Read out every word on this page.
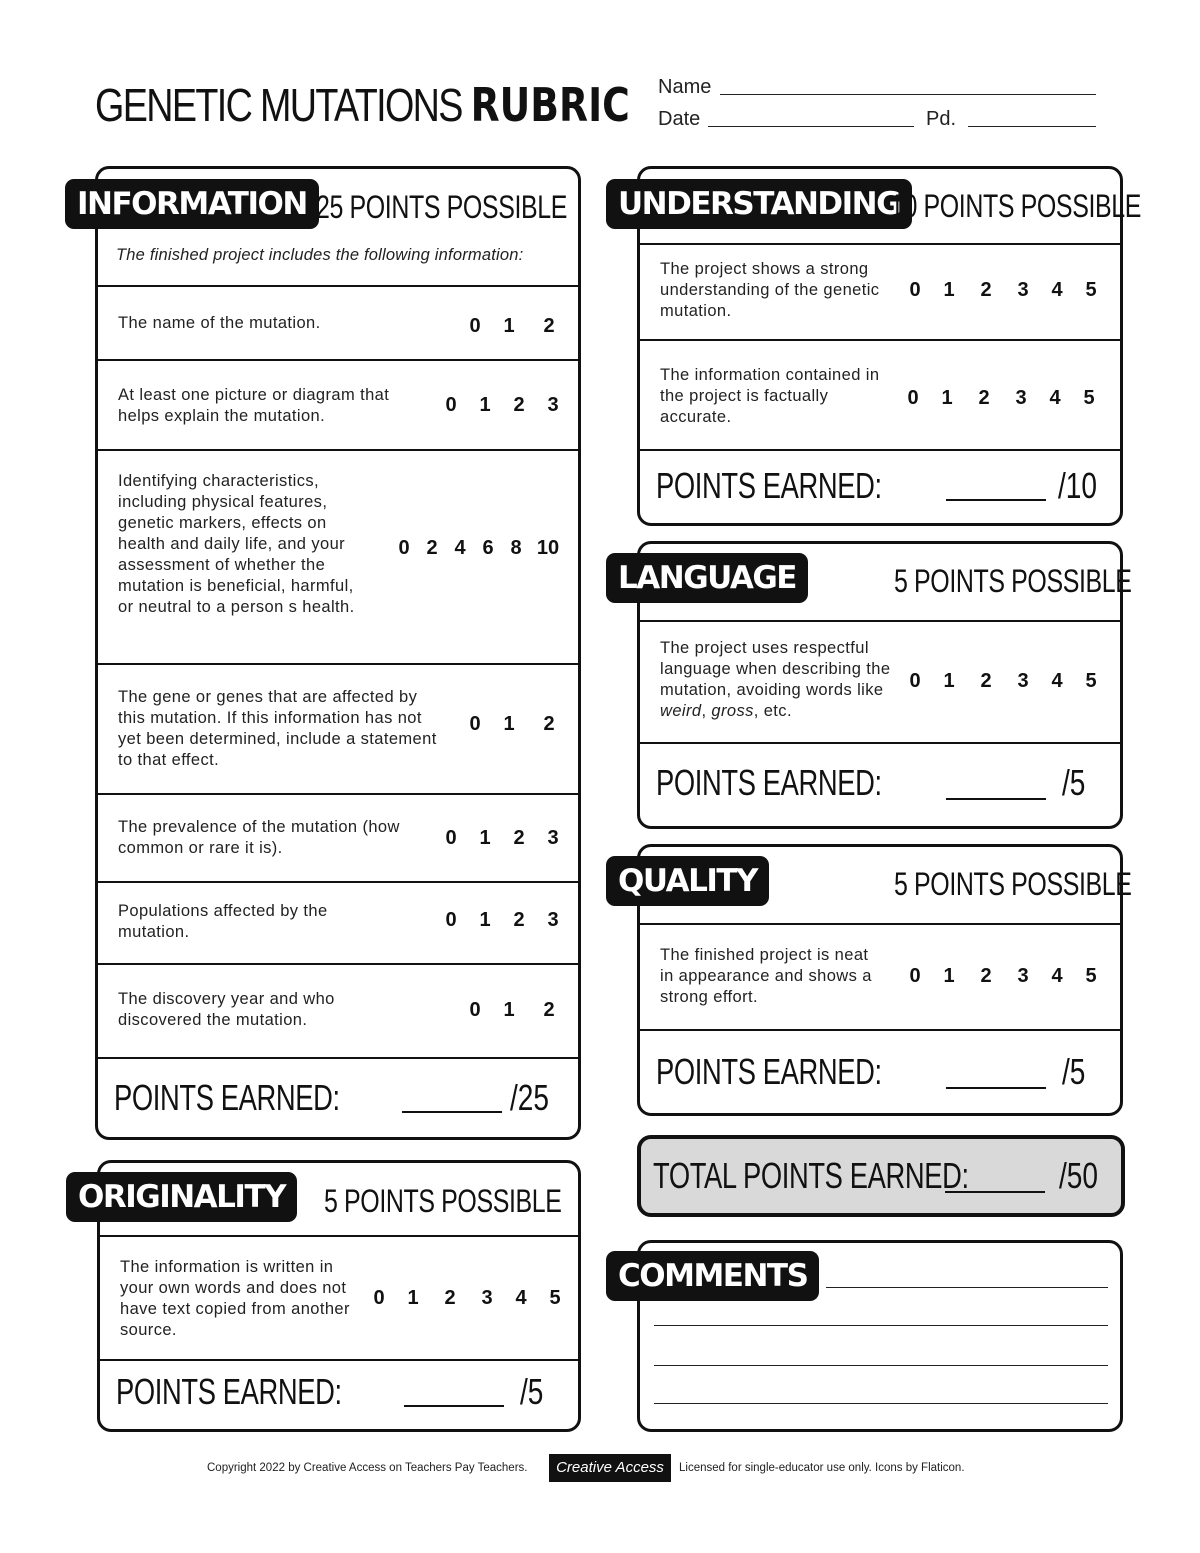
GENETIC MUTATIONS RUBRIC Name
Date	Pd.
The finished project includes the following information:
The name of the mutation.	0	1	2
At least one picture or diagram that helps explain the mutation.	0	1	2	3
Identifying characteristics, including physical features, genetic markers, effects on health and daily life, and your assessment of whether the mutation is beneficial, harmful, or neutral to a person s health.
0 2 4 6 8 10
The gene or genes that are affected by this mutation. If this information has not yet been determined, include a statement to that effect.
0	1	2
The prevalence of the mutation (how common or rare it is).	0	1	2	3
Populations affected by the mutation.
0	1	2	3
The discovery year and who discovered the mutation.	0	1	2
POINTS EARNED:	/25
INFORMATION 25 POINTS POSSIBLE
The information is written in your own words and does not have text copied from another source.
0	1	2	3	4	5
POINTS EARNED:	/5
ORIGINALITY	5 POINTS POSSIBLE
The project shows a strong understanding of the genetic mutation.
0	1	2	3	4	5
The information contained in the project is factually accurate.
0	1	2	3	4	5
POINTS EARNED:	/10
UNDERSTANDING
10 POINTS POSSIBLE
The project uses respectful language when describing the mutation, avoiding words like weird, gross, etc.
0	1	2	3	4	5
POINTS EARNED:	/5
LANGUAGE	5 POINTS POSSIBLE
The finished project is neat in appearance and shows a strong effort.
0	1	2	3	4	5
POINTS EARNED:	/5
QUALITY	5 POINTS POSSIBLE
TOTAL POINTS EARNED:	/50
COMMENTS
Copyright 2022 by Creative Access on Teachers Pay Teachers.	Creative Access	Licensed for single-educator use only. Icons by Flaticon.
